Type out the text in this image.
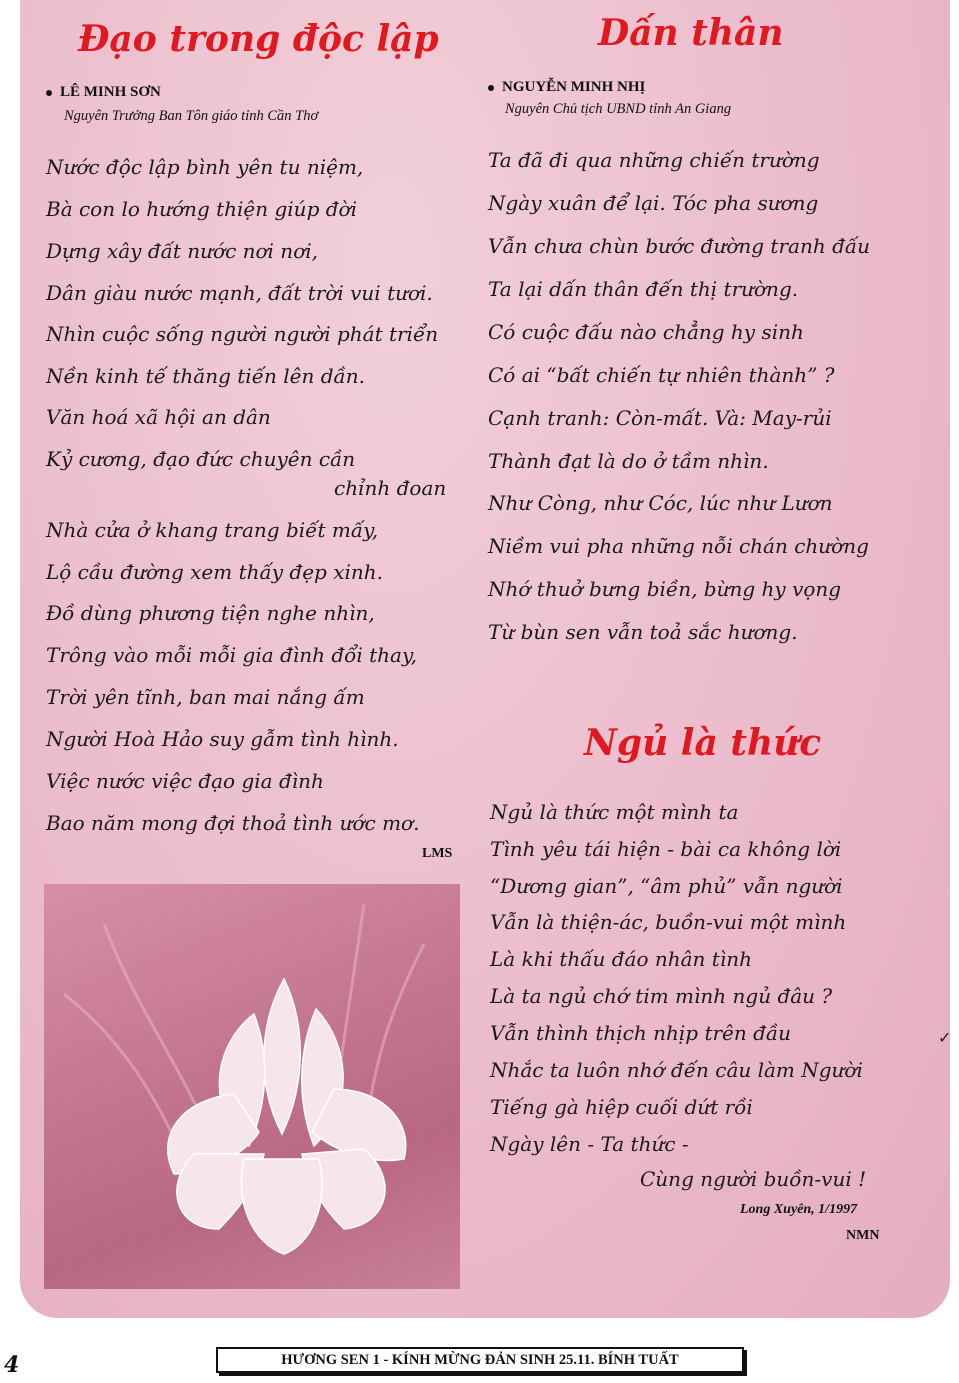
Đạo trong độc lập
LÊ MINH SƠN
Nguyên Trưởng Ban Tôn giáo tỉnh Cần Thơ
Nước độc lập bình yên tu niệm,
Bà con lo hướng thiện giúp đời
Dựng xây đất nước nơi nơi,
Dân giàu nước mạnh, đất trời vui tươi.
Nhìn cuộc sống người người phát triển
Nền kinh tế thăng tiến lên dần.
Văn hoá xã hội an dân
Kỷ cương, đạo đức chuyên cần
chỉnh đoan
Nhà cửa ở khang trang biết mấy,
Lộ cầu đường xem thấy đẹp xinh.
Đồ dùng phương tiện nghe nhìn,
Trông vào mỗi mỗi gia đình đổi thay,
Trời yên tĩnh, ban mai nắng ấm
Người Hoà Hảo suy gẫm tình hình.
Việc nước việc đạo gia đình
Bao năm mong đợi thoả tình ước mơ.
LMS
Dấn thân
NGUYỄN MINH NHỊ
Nguyên Chủ tịch UBND tỉnh An Giang
Ta đã đi qua những chiến trường
Ngày xuân để lại. Tóc pha sương
Vẫn chưa chùn bước đường tranh đấu
Ta lại dấn thân đến thị trường.
Có cuộc đấu nào chẳng hy sinh
Có ai “bất chiến tự nhiên thành” ?
Cạnh tranh: Còn-mất. Và: May-rủi
Thành đạt là do ở tầm nhìn.
Như Còng, như Cóc, lúc như Lươn
Niềm vui pha những nỗi chán chường
Nhớ thuở bưng biền, bừng hy vọng
Từ bùn sen vẫn toả sắc hương.
Ngủ là thức
Ngủ là thức một mình ta
Tình yêu tái hiện - bài ca không lời
“Dương gian”, “âm phủ” vẫn người
Vẫn là thiện-ác, buồn-vui một mình
Là khi thấu đáo nhân tình
Là ta ngủ chớ tim mình ngủ đâu ?
Vẫn thình thịch nhịp trên đầu
Nhắc ta luôn nhớ đến câu làm Người
Tiếng gà hiệp cuối dứt rồi
Ngày lên - Ta thức -
Cùng người buồn-vui !
Long Xuyên, 1/1997
NMN
✓
4	HƯƠNG SEN 1 - KÍNH MỪNG ĐẢN SINH 25.11. BÍNH TUẤT
